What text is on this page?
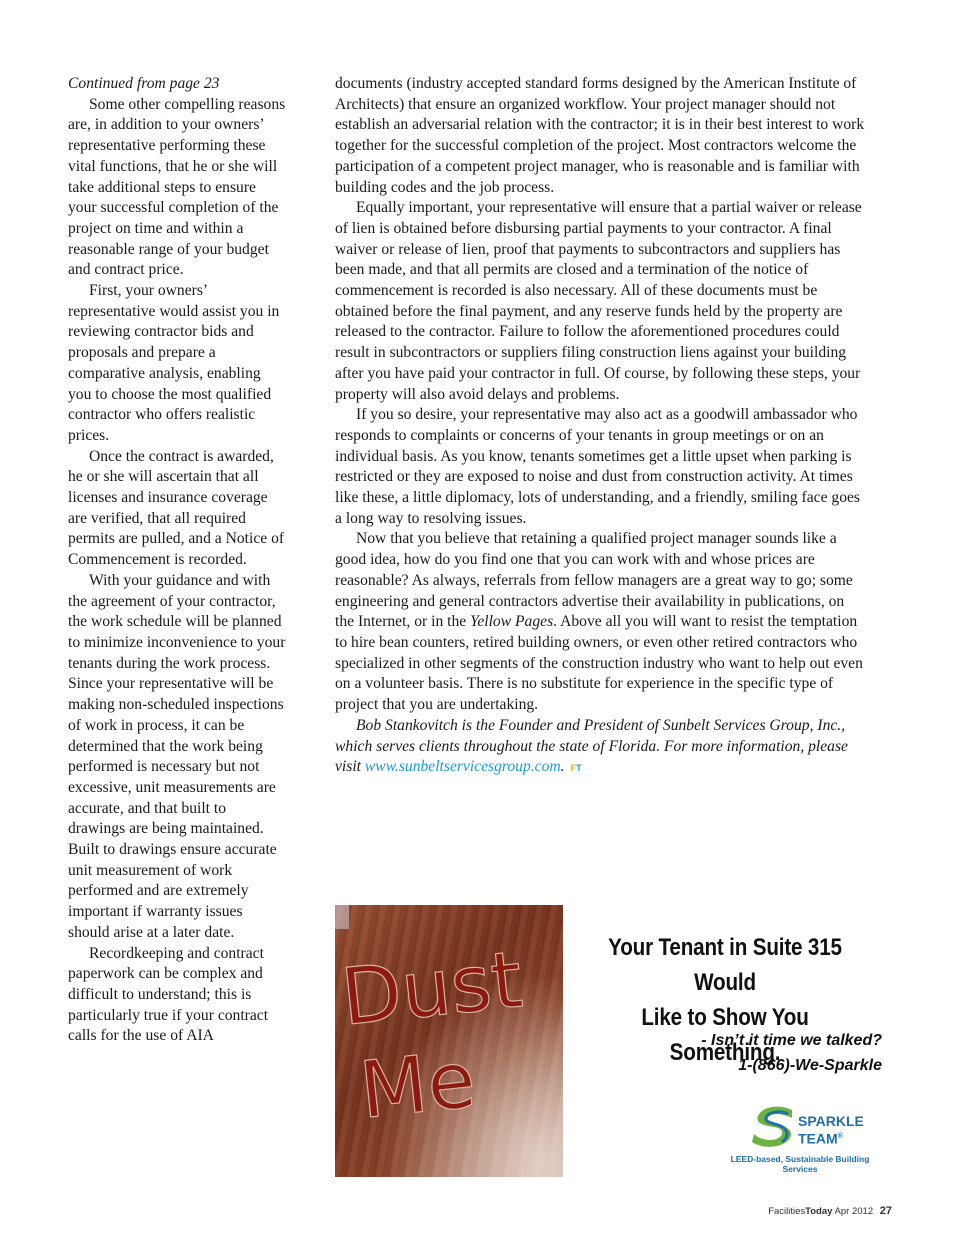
Continued from page 23

Some other compelling reasons are, in addition to your owners’ representative performing these vital functions, that he or she will take additional steps to ensure your successful completion of the project on time and within a reasonable range of your budget and contract price.

First, your owners’ representative would assist you in reviewing contractor bids and proposals and prepare a comparative analysis, enabling you to choose the most qualified contractor who offers realistic prices.

Once the contract is awarded, he or she will ascertain that all licenses and insurance coverage are verified, that all required permits are pulled, and a Notice of Commencement is recorded.

With your guidance and with the agreement of your contractor, the work schedule will be planned to minimize inconvenience to your tenants during the work process. Since your representative will be making non-scheduled inspections of work in process, it can be determined that the work being performed is necessary but not excessive, unit measurements are accurate, and that built to drawings are being maintained. Built to drawings ensure accurate unit measurement of work performed and are extremely important if warranty issues should arise at a later date.

Recordkeeping and contract paperwork can be complex and difficult to understand; this is particularly true if your contract calls for the use of AIA

documents (industry accepted standard forms designed by the American Institute of Architects) that ensure an organized workflow. Your project manager should not establish an adversarial relation with the contractor; it is in their best interest to work together for the successful completion of the project. Most contractors welcome the participation of a competent project manager, who is reasonable and is familiar with building codes and the job process.

Equally important, your representative will ensure that a partial waiver or release of lien is obtained before disbursing partial payments to your contractor. A final waiver or release of lien, proof that payments to subcontractors and suppliers has been made, and that all permits are closed and a termination of the notice of commencement is recorded is also necessary. All of these documents must be obtained before the final payment, and any reserve funds held by the property are released to the contractor. Failure to follow the aforementioned procedures could result in subcontractors or suppliers filing construction liens against your building after you have paid your contractor in full. Of course, by following these steps, your property will also avoid delays and problems.

If you so desire, your representative may also act as a goodwill ambassador who responds to complaints or concerns of your tenants in group meetings or on an individual basis. As you know, tenants sometimes get a little upset when parking is restricted or they are exposed to noise and dust from construction activity. At times like these, a little diplomacy, lots of understanding, and a friendly, smiling face goes a long way to resolving issues.

Now that you believe that retaining a qualified project manager sounds like a good idea, how do you find one that you can work with and whose prices are reasonable? As always, referrals from fellow managers are a great way to go; some engineering and general contractors advertise their availability in publications, on the Internet, or in the Yellow Pages. Above all you will want to resist the temptation to hire bean counters, retired building owners, or even other retired contractors who specialized in other segments of the construction industry who want to help out even on a volunteer basis. There is no substitute for experience in the specific type of project that you are undertaking.

Bob Stankovitch is the Founder and President of Sunbelt Services Group, Inc., which serves clients throughout the state of Florida. For more information, please visit www.sunbeltservicesgroup.com. FT

Dust
Me
Your Tenant in Suite 315 Would
Like to Show You Something.
- Isn’t it time we talked?
1-(866)-We-Sparkle
SPARKLE
TEAM®
LEED-based, Sustainable Building Services
FacilitiesToday Apr 2012 27
